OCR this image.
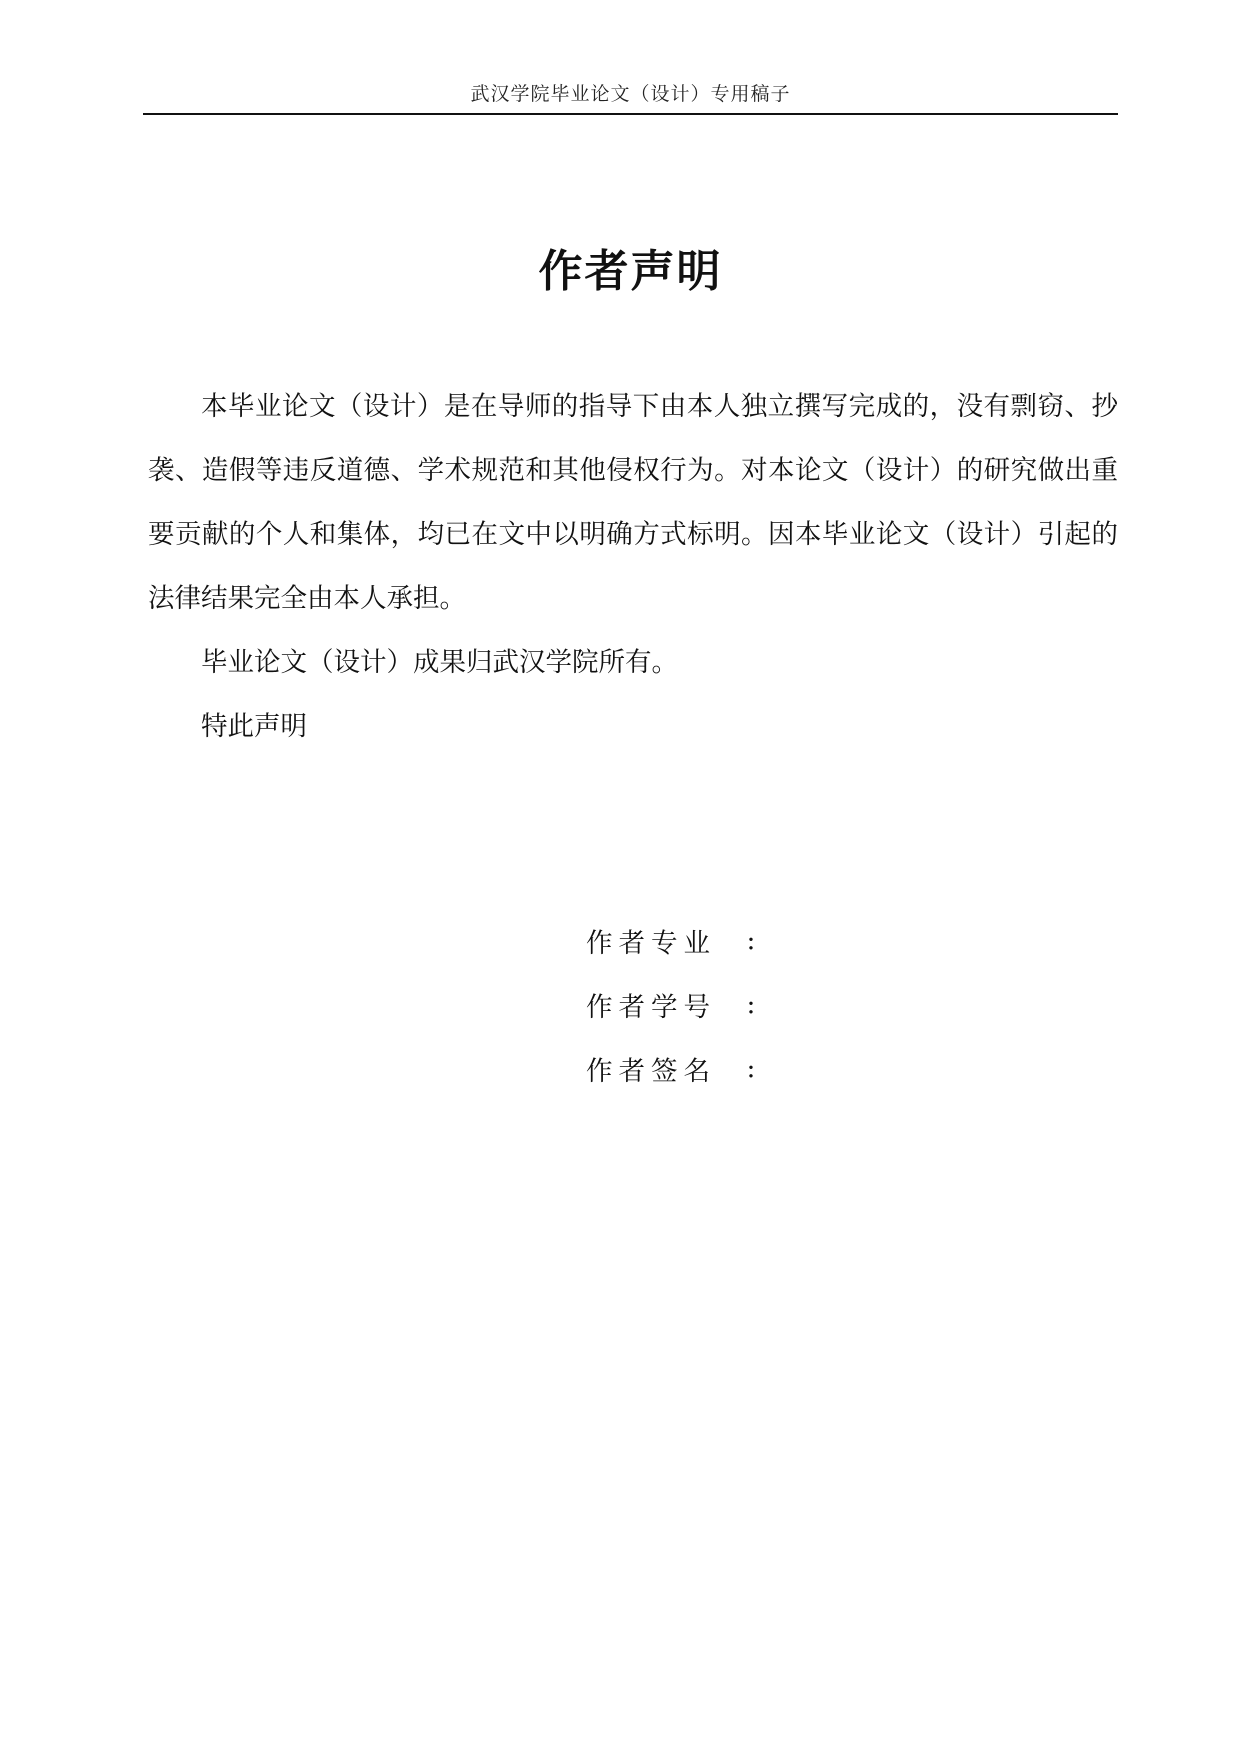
武汉学院毕业论文（设计）专用稿子
作者声明

本毕业论文（设计）是在导师的指导下由本人独立撰写完成的，没有剽窃、抄袭、造假等违反道德、学术规范和其他侵权行为。对本论文（设计）的研究做出重要贡献的个人和集体，均已在文中以明确方式标明。因本毕业论文（设计）引起的法律结果完全由本人承担。

毕业论文（设计）成果归武汉学院所有。

特此声明

作者专业	:
作者学号	:
作者签名	:
